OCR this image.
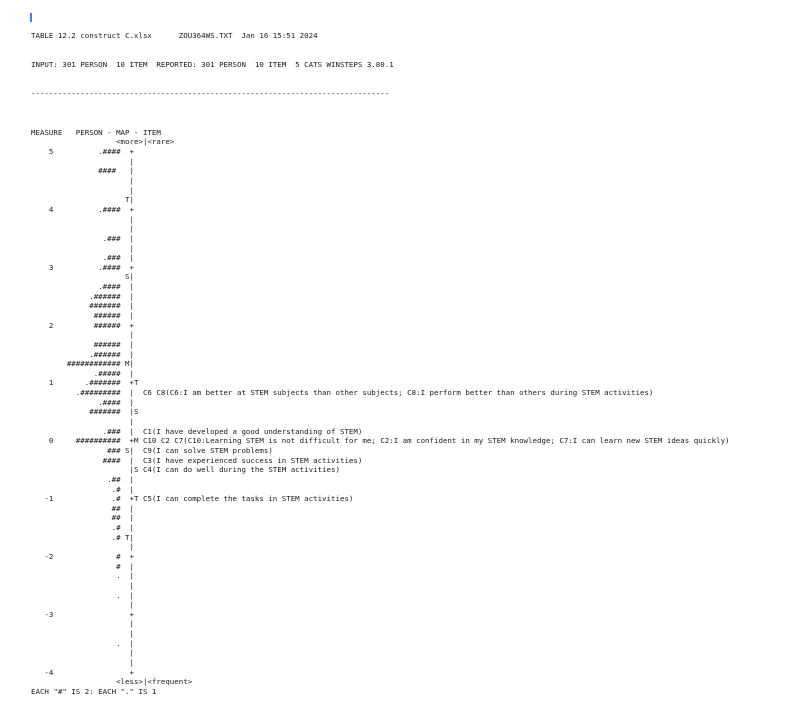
TABLE 12.2 construct C.xlsx      ZOU364WS.TXT  Jan 16 15:51 2024

INPUT: 301 PERSON  10 ITEM  REPORTED: 301 PERSON  10 ITEM  5 CATS WINSTEPS 3.80.1

--------------------------------------------------------------------------------

MEASURE   PERSON - MAP - ITEM
<more>|<rare>
5          .####  +
|
####   |
|
|
T|
4          .####  +
|
|
.###  |
|
.###  |
3          .####  +
S|
.####  |
.######  |
#######  |
######  |
2         ######  +
|
######  |
.######  |
############ M|
.#####  |
1       .#######  +T
.#########  |  C6 C8(C6:I am better at STEM subjects than other subjects; C8:I perform better than others during STEM activities)
.####  |
#######  |S
|
.###  |  C1(I have developed a good understanding of STEM)
0     ##########  +M C10 C2 C7(C10:Learning STEM is not difficult for me; C2:I am confident in my STEM knowledge; C7:I can learn new STEM ideas quickly)
### S|  C9(I can solve STEM problems)
####  |  C3(I have experienced success in STEM activities)
|S C4(I can do well during the STEM activities)
.##  |
.#  |
-1             .#  +T C5(I can complete the tasks in STEM activities)
##  |
##  |
.#  |
.# T|
|
-2              #  +
#  |
.  |
|
.  |
|
-3                 +
|
|
.  |
|
|
-4                 +
<less>|<frequent>
EACH "#" IS 2: EACH "." IS 1
